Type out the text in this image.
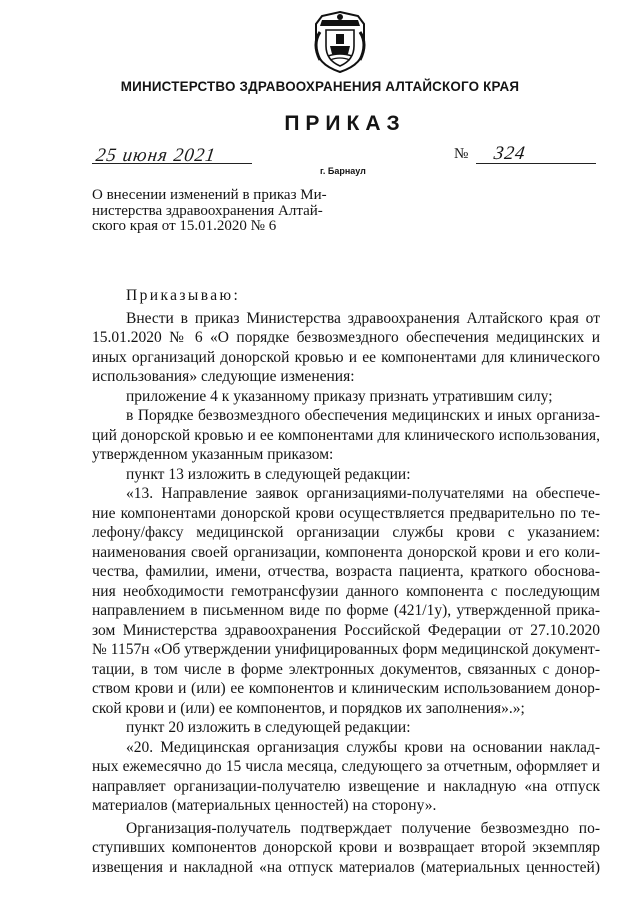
МИНИСТЕРСТВО ЗДРАВООХРАНЕНИЯ АЛТАЙСКОГО КРАЯ
ПРИКАЗ
25 июня 2021
г. Барнаул
№ 324
О внесении изменений в приказ Ми-
нистерства здравоохранения Алтай-
ского края от 15.01.2020 № 6
Приказываю:
Внести в приказ Министерства здравоохранения Алтайского края от
15.01.2020 № 6 «О порядке безвозмездного обеспечения медицинских и
иных организаций донорской кровью и ее компонентами для клинического
использования» следующие изменения:
приложение 4 к указанному приказу признать утратившим силу;
в Порядке безвозмездного обеспечения медицинских и иных организа-
ций донорской кровью и ее компонентами для клинического использования,
утвержденном указанным приказом:
пункт 13 изложить в следующей редакции:
«13. Направление заявок организациями-получателями на обеспече-
ние компонентами донорской крови осуществляется предварительно по те-
лефону/факсу медицинской организации службы крови с указанием:
наименования своей организации, компонента донорской крови и его коли-
чества, фамилии, имени, отчества, возраста пациента, краткого обоснова-
ния необходимости гемотрансфузии данного компонента с последующим
направлением в письменном виде по форме (421/1у), утвержденной прика-
зом Министерства здравоохранения Российской Федерации от 27.10.2020
№ 1157н «Об утверждении унифицированных форм медицинской документ-
тации, в том числе в форме электронных документов, связанных с донор-
ством крови и (или) ее компонентов и клиническим использованием донор-
ской крови и (или) ее компонентов, и порядков их заполнения».»;
пункт 20 изложить в следующей редакции:
«20. Медицинская организация службы крови на основании наклад-
ных ежемесячно до 15 числа месяца, следующего за отчетным, оформляет и
направляет организации-получателю извещение и накладную «на отпуск
материалов (материальных ценностей) на сторону».
Организация-получатель подтверждает получение безвозмездно по-
ступивших компонентов донорской крови и возвращает второй экземпляр
извещения и накладной «на отпуск материалов (материальных ценностей)
